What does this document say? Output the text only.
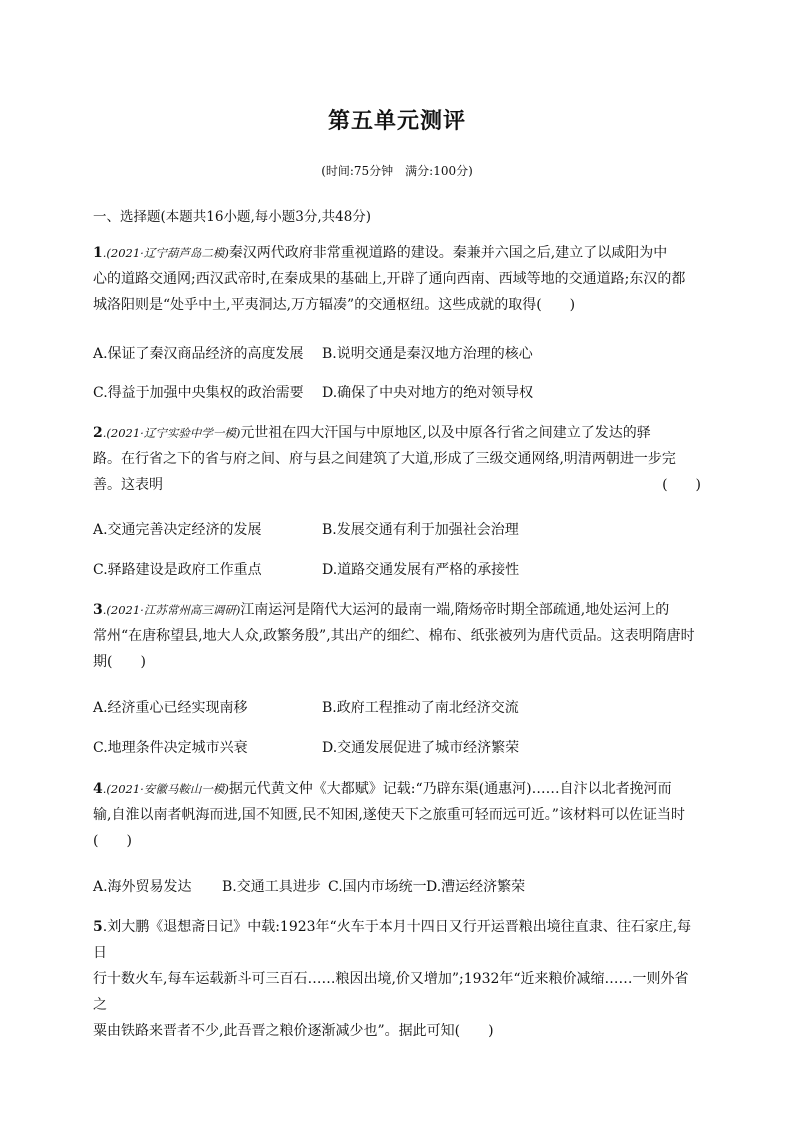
第五单元测评
(时间:75分钟　满分:100分)
一、选择题(本题共16小题,每小题3分,共48分)
1.(2021·辽宁葫芦岛二模)秦汉两代政府非常重视道路的建设。秦兼并六国之后,建立了以咸阳为中
心的道路交通网;西汉武帝时,在秦成果的基础上,开辟了通向西南、西域等地的交通道路;东汉的都
城洛阳则是“处乎中土,平夷洞达,万方辐凑”的交通枢纽。这些成就的取得(　　)
A.保证了秦汉商品经济的高度发展 B.说明交通是秦汉地方治理的核心
C.得益于加强中央集权的政治需要 D.确保了中央对地方的绝对领导权
2.(2021·辽宁实验中学一模)元世祖在四大汗国与中原地区,以及中原各行省之间建立了发达的驿
路。在行省之下的省与府之间、府与县之间建筑了大道,形成了三级交通网络,明清两朝进一步完
善。这表明	(　　)
A.交通完善决定经济的发展	B.发展交通有利于加强社会治理
C.驿路建设是政府工作重点	D.道路交通发展有严格的承接性
3.(2021·江苏常州高三调研)江南运河是隋代大运河的最南一端,隋炀帝时期全部疏通,地处运河上的
常州“在唐称望县,地大人众,政繁务殷”,其出产的细纻、棉布、纸张被列为唐代贡品。这表明隋唐时
期(　　)
A.经济重心已经实现南移	B.政府工程推动了南北经济交流
C.地理条件决定城市兴衰	D.交通发展促进了城市经济繁荣
4.(2021·安徽马鞍山一模)据元代黄文仲《大都赋》记载:“乃辟东渠(通惠河)……自汴以北者挽河而
输,自淮以南者帆海而进,国不知匮,民不知困,遂使天下之旅重可轻而远可近。”该材料可以佐证当时
(　　)
A.海外贸易发达 B.交通工具进步 C.国内市场统一 D.漕运经济繁荣
5.刘大鹏《退想斋日记》中载:1923年“火车于本月十四日又行开运晋粮出境往直隶、往石家庄,每日
行十数火车,每车运载新斗可三百石……粮因出境,价又增加”;1932年“近来粮价减缩……一则外省之
粟由铁路来晋者不少,此吾晋之粮价逐渐减少也”。据此可知(　　)
